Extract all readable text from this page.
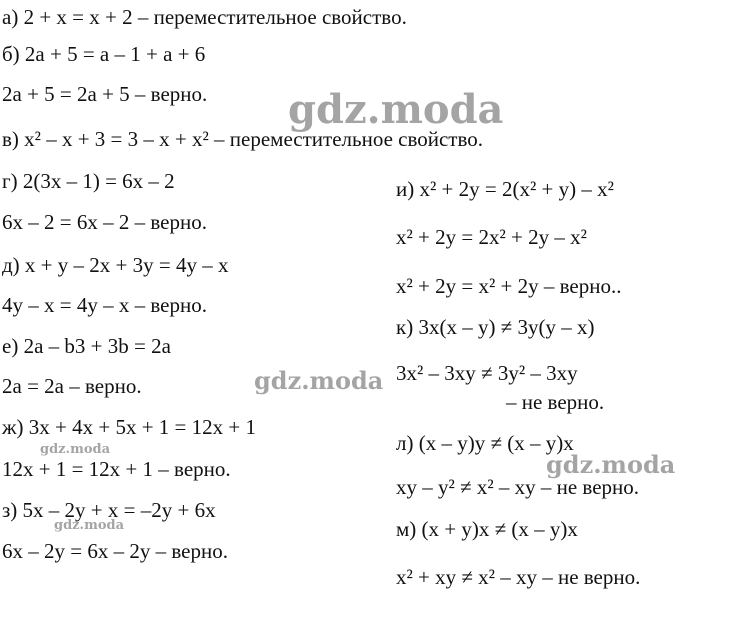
а) 2 + x = x + 2 – переместительное свойство.
б) 2a + 5 = a – 1 + a + 6
2a + 5 = 2a + 5 – верно.
в) x² – x + 3 = 3 – x + x² – переместительное свойство.
г) 2(3x – 1) = 6x – 2
6x – 2 = 6x – 2 – верно.
д) x + y – 2x + 3y = 4y – x
4y – x = 4y – x – верно.
е) 2a – b3 + 3b = 2a
2a = 2a – верно.
ж) 3x + 4x + 5x + 1 = 12x + 1
12x + 1 = 12x + 1 – верно.
з) 5x – 2y + x = –2y + 6x
6x – 2y = 6x – 2y – верно.
и) x² + 2y = 2(x² + y) – x²
x² + 2y = 2x² + 2y – x²
x² + 2y = x² + 2y – верно..
к) 3x(x – y) ≠ 3y(y – x)
3x² – 3xy ≠ 3y² – 3xy
– не верно.
л) (x – y)y ≠ (x – y)x
xy – y² ≠ x² – xy – не верно.
м) (x + y)x ≠ (x – y)x
x² + xy ≠ x² – xy – не верно.
gdz.moda
gdz.moda
gdz.moda
gdz.moda
gdz.moda
